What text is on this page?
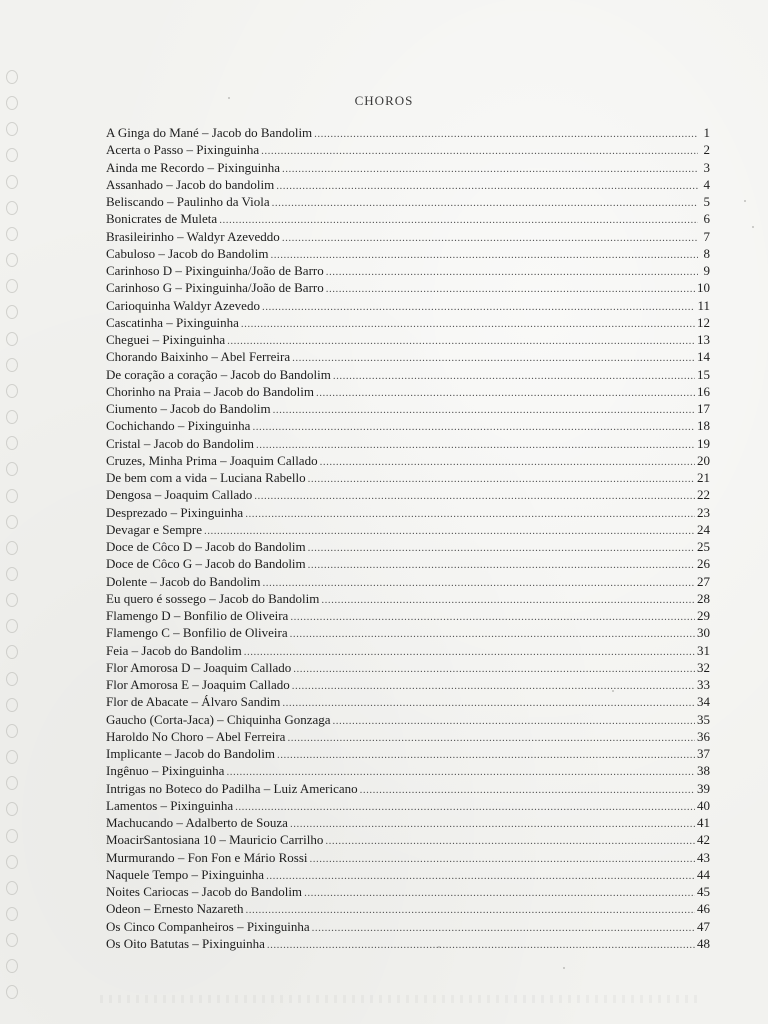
CHOROS
A Ginga do Mané – Jacob do Bandolim .....	1
Acerta o Passo – Pixinguinha .....	2
Ainda me Recordo – Pixinguinha .....	3
Assanhado – Jacob do bandolim .....	4
Beliscando – Paulinho da Viola .....	5
Bonicrates de Muleta .....	6
Brasileirinho – Waldyr Azeveddo .....	7
Cabuloso – Jacob do Bandolim .....	8
Carinhoso D – Pixinguinha/João de Barro .....	9
Carinhoso G – Pixinguinha/João de Barro .....	10
Carioquinha Waldyr Azevedo .....	11
Cascatinha – Pixinguinha .....	12
Cheguei – Pixinguinha .....	13
Chorando Baixinho – Abel Ferreira .....	14
De coração a coração – Jacob do Bandolim .....	15
Chorinho na Praia – Jacob do Bandolim .....	16
Ciumento – Jacob do Bandolim .....	17
Cochichando – Pixinguinha .....	18
Cristal – Jacob do Bandolim .....	19
Cruzes, Minha Prima – Joaquim Callado .....	20
De bem com a vida – Luciana Rabello .....	21
Dengosa – Joaquim Callado .....	22
Desprezado – Pixinguinha .....	23
Devagar e Sempre .....	24
Doce de Côco D – Jacob do Bandolim .....	25
Doce de Côco G – Jacob do Bandolim .....	26
Dolente – Jacob do Bandolim .....	27
Eu quero é sossego – Jacob do Bandolim .....	28
Flamengo D – Bonfilio de Oliveira .....	29
Flamengo C – Bonfilio de Oliveira .....	30
Feia – Jacob do Bandolim .....	31
Flor Amorosa D – Joaquim Callado .....	32
Flor Amorosa E – Joaquim Callado .....	33
Flor de Abacate – Álvaro Sandim .....	34
Gaucho (Corta-Jaca) – Chiquinha Gonzaga .....	35
Haroldo No Choro – Abel Ferreira .....	36
Implicante – Jacob do Bandolim .....	37
Ingênuo – Pixinguinha .....	38
Intrigas no Boteco do Padilha – Luiz Americano .....	39
Lamentos – Pixinguinha .....	40
Machucando – Adalberto de Souza .....	41
MoacirSantosiana 10 – Mauricio Carrilho .....	42
Murmurando – Fon Fon e Mário Rossi .....	43
Naquele Tempo – Pixinguinha .....	44
Noites Cariocas – Jacob do Bandolim .....	45
Odeon – Ernesto Nazareth .....	46
Os Cinco Companheiros – Pixinguinha .....	47
Os Oito Batutas – Pixinguinha .....	48
